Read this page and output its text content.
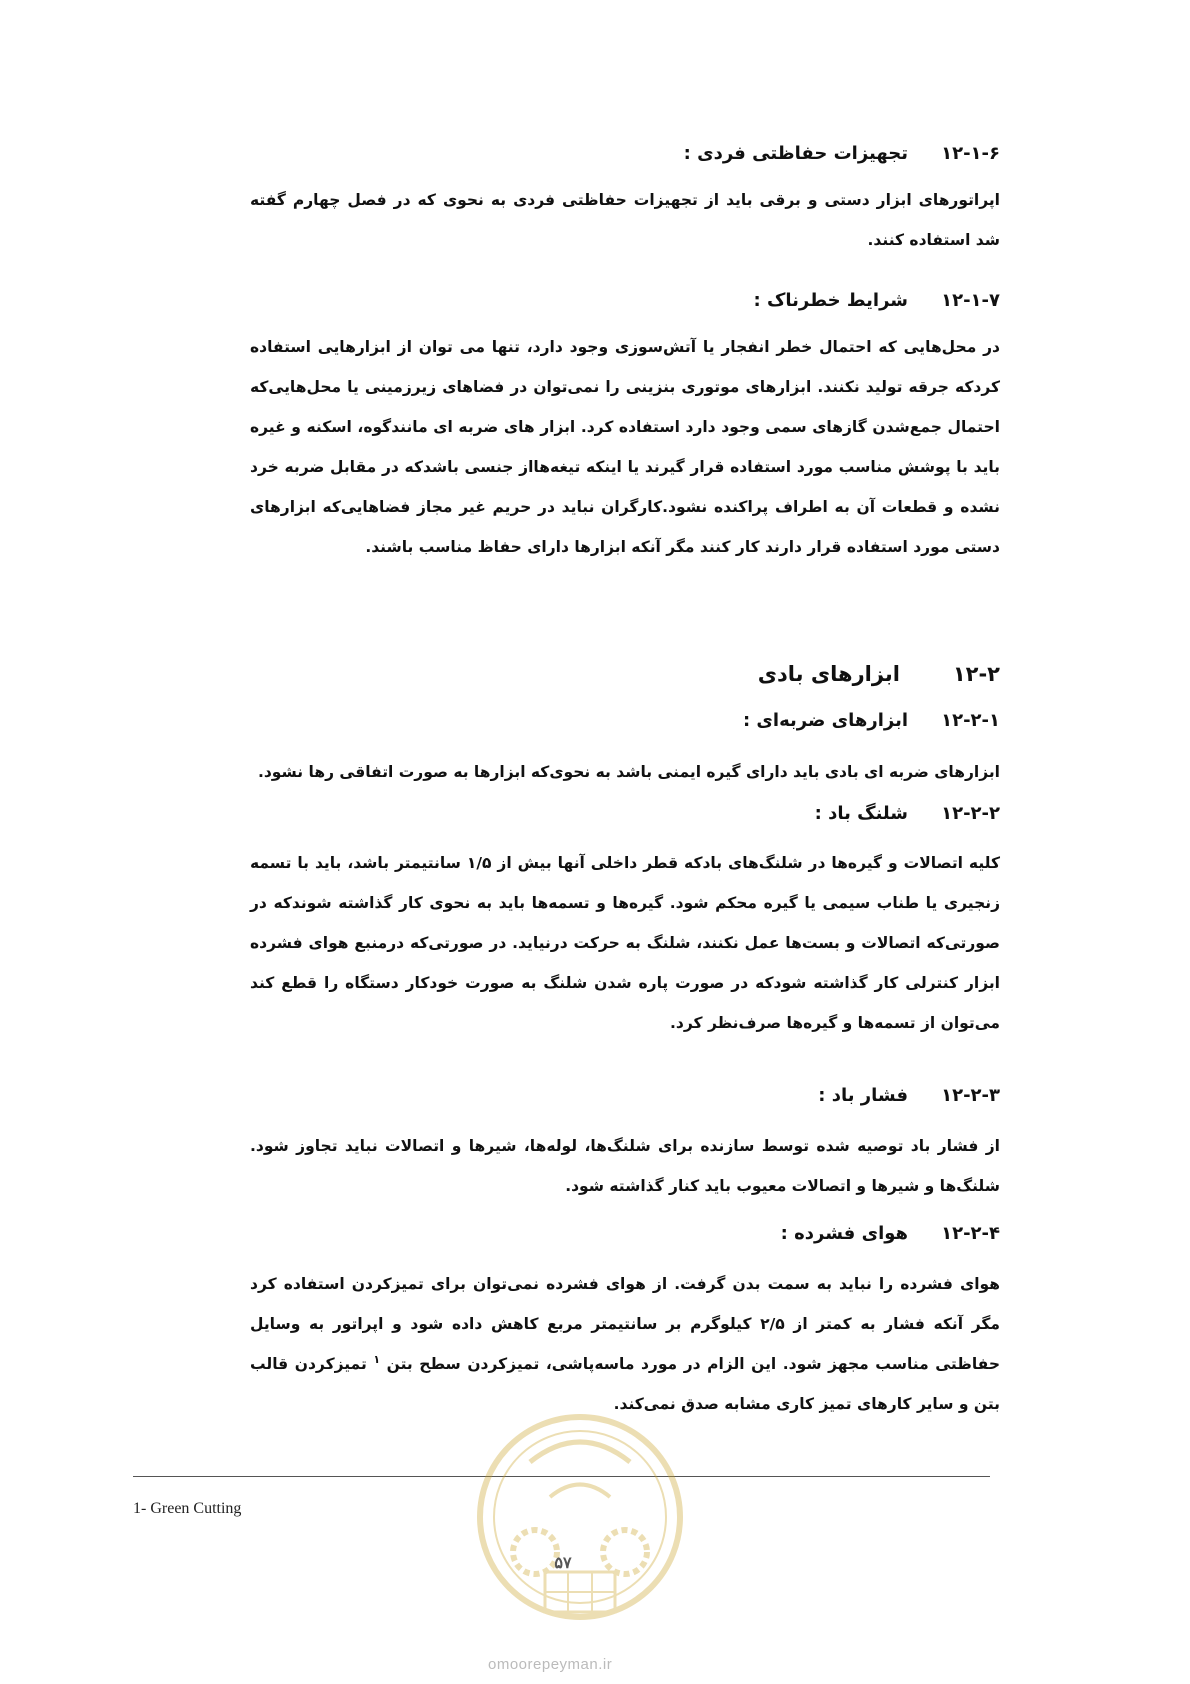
۱۲-۱-۶
تجهیزات حفاظتی فردی :

اپراتورهای ابزار دستی و برقی باید از تجهیزات حفاظتی فردی به نحوی که در فصل چهارم گفته شد استفاده کنند.

۱۲-۱-۷
شرایط خطرناک :

در محل‌هایی که احتمال خطر انفجار یا آتش‌سوزی وجود دارد، تنها می توان از ابزارهایی استفاده کردکه جرقه تولید نکنند. ابزارهای موتوری بنزینی را نمی‌توان در فضاهای زیرزمینی یا محل‌هایی‌که احتمال جمع‌شدن گازهای سمی وجود دارد استفاده کرد. ابزار های ضربه ای مانندگوه، اسکنه و غیره باید با پوشش مناسب مورد استفاده قرار گیرند یا اینکه تیغه‌هااز جنسی باشدکه در مقابل ضربه خرد نشده و قطعات آن به اطراف پراکنده نشود.کارگران نباید در حریم غیر مجاز فضاهایی‌که ابزارهای دستی مورد استفاده قرار دارند کار کنند مگر آنکه ابزارها دارای حفاظ مناسب باشند.

۱۲-۲
ابزارهای بادی
۱۲-۲-۱
ابزارهای ضربه‌ای :

ابزارهای ضربه ای بادی باید دارای گیره ایمنی باشد به نحوی‌که ابزارها به صورت اتفاقی رها نشود.

۱۲-۲-۲
شلنگ باد :

کلیه اتصالات و گیره‌ها در شلنگ‌های بادکه قطر داخلی آنها بیش از ۱/۵ سانتیمتر باشد، باید با تسمه زنجیری یا طناب سیمی یا گیره محکم شود. گیره‌ها و تسمه‌ها باید به نحوی کار گذاشته شوندکه در صورتی‌که اتصالات و بست‌ها عمل نکنند، شلنگ به حرکت درنیاید. در صورتی‌که درمنبع هوای فشرده ابزار کنترلی کار گذاشته شودکه در صورت پاره شدن شلنگ به صورت خودکار دستگاه را قطع کند می‌توان از تسمه‌ها و گیره‌ها صرف‌نظر کرد.

۱۲-۲-۳
فشار باد :

از فشار باد توصیه شده توسط سازنده برای شلنگ‌ها، لوله‌ها، شیرها و اتصالات نباید تجاوز شود. شلنگ‌ها و شیرها و اتصالات معیوب باید کنار گذاشته شود.

۱۲-۲-۴
هوای فشرده :

هوای فشرده را نباید به سمت بدن گرفت. از هوای فشرده نمی‌توان برای تمیزکردن استفاده کرد مگر آنکه فشار به کمتر از ۲/۵ کیلوگرم بر سانتیمتر مربع کاهش داده شود و اپراتور به وسایل حفاظتی مناسب مجهز شود. این الزام در مورد ماسه‌پاشی، تمیزکردن سطح بتن $^۱$ تمیزکردن قالب بتن و سایر کارهای تمیز کاری مشابه صدق نمی‌کند.

1- Green Cutting
۵۷
omoorepeyman.ir
